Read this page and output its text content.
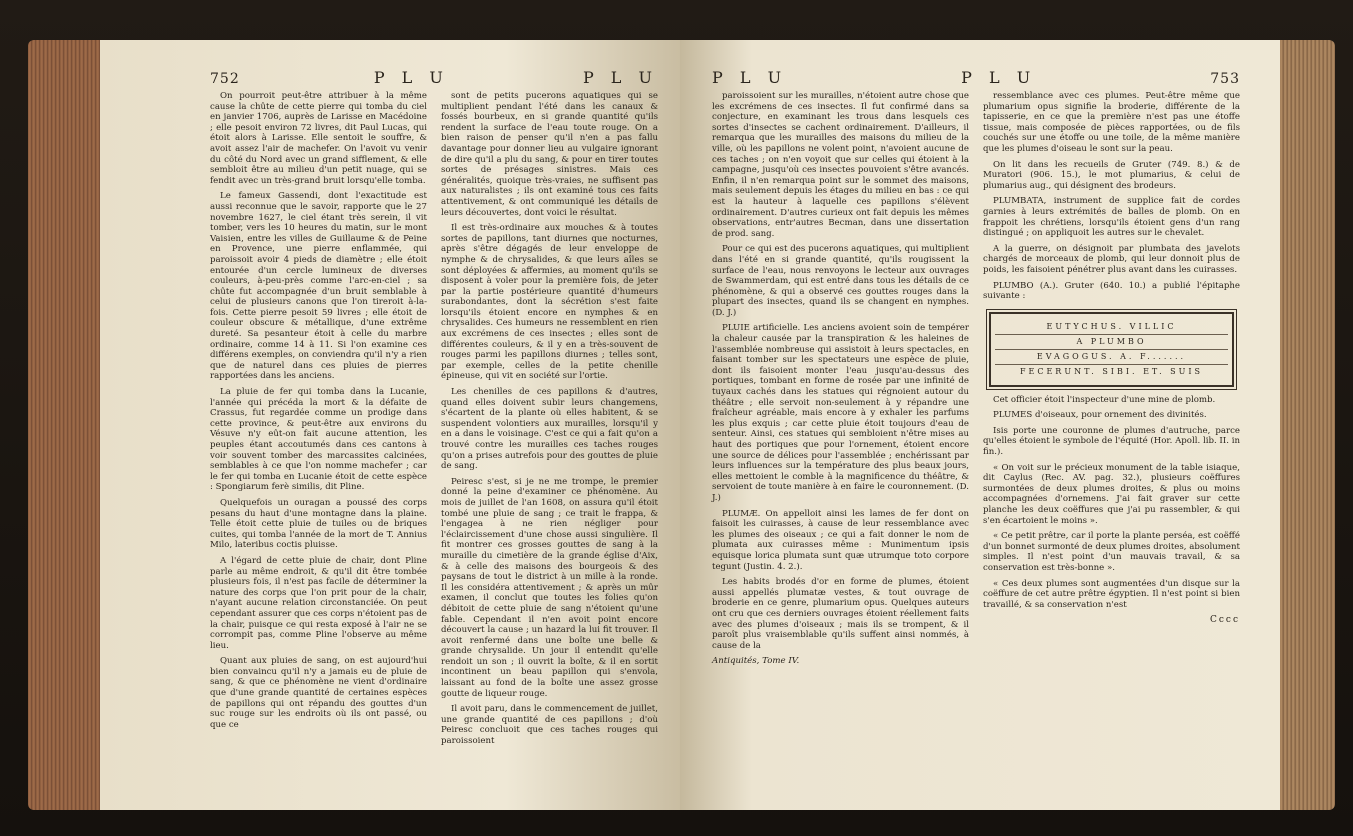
752	P L U	P L U

On pourroit peut-être attribuer à la même cause la chûte de cette pierre qui tomba du ciel en janvier 1706, auprès de Larisse en Macédoine ; elle pesoit environ 72 livres, dit Paul Lucas, qui étoit alors à Larisse. Elle sentoit le souffre, & avoit assez l'air de machefer. On l'avoit vu venir du côté du Nord avec un grand sifflement, & elle sembloit être au milieu d'un petit nuage, qui se fendit avec un très-grand bruit lorsqu'elle tomba.

Le fameux Gassendi, dont l'exactitude est aussi reconnue que le savoir, rapporte que le 27 novembre 1627, le ciel étant très serein, il vit tomber, vers les 10 heures du matin, sur le mont Vaisien, entre les villes de Guillaume & de Peine en Provence, une pierre enflammée, qui paroissoit avoir 4 pieds de diamètre ; elle étoit entourée d'un cercle lumineux de diverses couleurs, à-peu-près comme l'arc-en-ciel ; sa chûte fut accompagnée d'un bruit semblable à celui de plusieurs canons que l'on tireroit à-la-fois. Cette pierre pesoit 59 livres ; elle étoit de couleur obscure & métallique, d'une extrême dureté. Sa pesanteur étoit à celle du marbre ordinaire, comme 14 à 11. Si l'on examine ces différens exemples, on conviendra qu'il n'y a rien que de naturel dans ces pluies de pierres rapportées dans les anciens.

La pluie de fer qui tomba dans la Lucanie, l'année qui précéda la mort & la défaite de Crassus, fut regardée comme un prodige dans cette province, & peut-être aux environs du Vésuve n'y eût-on fait aucune attention, les peuples étant accoutumés dans ces cantons à voir souvent tomber des marcassites calcinées, semblables à ce que l'on nomme machefer ; car le fer qui tomba en Lucanie étoit de cette espèce : Spongiarum ferè similis, dit Pline.

Quelquefois un ouragan a poussé des corps pesans du haut d'une montagne dans la plaine. Telle étoit cette pluie de tuiles ou de briques cuites, qui tomba l'année de la mort de T. Annius Milo, lateribus coctis pluisse.

A l'égard de cette pluie de chair, dont Pline parle au même endroit, & qu'il dit être tombée plusieurs fois, il n'est pas facile de déterminer la nature des corps que l'on prit pour de la chair, n'ayant aucune relation circonstanciée. On peut cependant assurer que ces corps n'étoient pas de la chair, puisque ce qui resta exposé à l'air ne se corrompit pas, comme Pline l'observe au même lieu.

Quant aux pluies de sang, on est aujourd'hui bien convaincu qu'il n'y a jamais eu de pluie de sang, & que ce phénomène ne vient d'ordinaire que d'une grande quantité de certaines espèces de papillons qui ont répandu des gouttes d'un suc rouge sur les endroits où ils ont passé, ou que ce

sont de petits pucerons aquatiques qui se multiplient pendant l'été dans les canaux & fossés bourbeux, en si grande quantité qu'ils rendent la surface de l'eau toute rouge. On a bien raison de penser qu'il n'en a pas fallu davantage pour donner lieu au vulgaire ignorant de dire qu'il a plu du sang, & pour en tirer toutes sortes de présages sinistres. Mais ces généralités, quoique très-vraies, ne suffisent pas aux naturalistes ; ils ont examiné tous ces faits attentivement, & ont communiqué les détails de leurs découvertes, dont voici le résultat.

Il est très-ordinaire aux mouches & à toutes sortes de papillons, tant diurnes que nocturnes, après s'être dégagés de leur enveloppe de nymphe & de chrysalides, & que leurs aîles se sont déployées & affermies, au moment qu'ils se disposent à voler pour la première fois, de jeter par la partie postérieure quantité d'humeurs surabondantes, dont la sécrétion s'est faite lorsqu'ils étoient encore en nymphes & en chrysalides. Ces humeurs ne ressemblent en rien aux excrémens de ces insectes ; elles sont de différentes couleurs, & il y en a très-souvent de rouges parmi les papillons diurnes ; telles sont, par exemple, celles de la petite chenille épineuse, qui vit en société sur l'ortie.

Les chenilles de ces papillons & d'autres, quand elles doivent subir leurs changemens, s'écartent de la plante où elles habitent, & se suspendent volontiers aux murailles, lorsqu'il y en a dans le voisinage. C'est ce qui a fait qu'on a trouvé contre les murailles ces taches rouges qu'on a prises autrefois pour des gouttes de pluie de sang.

Peiresc s'est, si je ne me trompe, le premier donné la peine d'examiner ce phénomène. Au mois de juillet de l'an 1608, on assura qu'il étoit tombé une pluie de sang ; ce trait le frappa, & l'engagea à ne rien négliger pour l'éclaircissement d'une chose aussi singulière. Il fit montrer ces grosses gouttes de sang à la muraille du cimetière de la grande église d'Aix, & à celle des maisons des bourgeois & des paysans de tout le district à un mille à la ronde. Il les considéra attentivement ; & après un mûr examen, il conclut que toutes les folies qu'on débitoit de cette pluie de sang n'étoient qu'une fable. Cependant il n'en avoit point encore découvert la cause ; un hazard la lui fit trouver. Il avoit renfermé dans une boîte une belle & grande chrysalide. Un jour il entendit qu'elle rendoit un son ; il ouvrit la boîte, & il en sortit incontinent un beau papillon qui s'envola, laissant au fond de la boîte une assez grosse goutte de liqueur rouge.

Il avoit paru, dans le commencement de juillet, une grande quantité de ces papillons ; d'où Peiresc concluoit que ces taches rouges qui paroissoient

P L U	P L U	753

paroissoient sur les murailles, n'étoient autre chose que les excrémens de ces insectes. Il fut confirmé dans sa conjecture, en examinant les trous dans lesquels ces sortes d'insectes se cachent ordinairement. D'ailleurs, il remarqua que les murailles des maisons du milieu de la ville, où les papillons ne volent point, n'avoient aucune de ces taches ; on n'en voyoit que sur celles qui étoient à la campagne, jusqu'où ces insectes pouvoient s'être avancés. Enfin, il n'en remarqua point sur le sommet des maisons, mais seulement depuis les étages du milieu en bas : ce qui est la hauteur à laquelle ces papillons s'élèvent ordinairement. D'autres curieux ont fait depuis les mêmes observations, entr'autres Becman, dans une dissertation de prod. sang.

Pour ce qui est des pucerons aquatiques, qui multiplient dans l'été en si grande quantité, qu'ils rougissent la surface de l'eau, nous renvoyons le lecteur aux ouvrages de Swammerdam, qui est entré dans tous les détails de ce phénomène, & qui a observé ces gouttes rouges dans la plupart des insectes, quand ils se changent en nymphes. (D. J.)

PLUIE artificielle. Les anciens avoient soin de tempérer la chaleur causée par la transpiration & les haleines de l'assemblée nombreuse qui assistoit à leurs spectacles, en faisant tomber sur les spectateurs une espèce de pluie, dont ils faisoient monter l'eau jusqu'au-dessus des portiques, tombant en forme de rosée par une infinité de tuyaux cachés dans les statues qui régnoient autour du théâtre ; elle servoit non-seulement à y répandre une fraîcheur agréable, mais encore à y exhaler les parfums les plus exquis ; car cette pluie étoit toujours d'eau de senteur. Ainsi, ces statues qui sembloient n'être mises au haut des portiques que pour l'ornement, étoient encore une source de délices pour l'assemblée ; enchérissant par leurs influences sur la température des plus beaux jours, elles mettoient le comble à la magnificence du théâtre, & servoient de toute manière à en faire le couronnement. (D. J.)

PLUMÆ. On appelloit ainsi les lames de fer dont on faisoit les cuirasses, à cause de leur ressemblance avec les plumes des oiseaux ; ce qui a fait donner le nom de plumata aux cuirasses même : Munimentum ipsis equisque lorica plumata sunt quæ utrumque toto corpore tegunt (Justin. 4. 2.).

Les habits brodés d'or en forme de plumes, étoient aussi appellés plumatæ vestes, & tout ouvrage de broderie en ce genre, plumarium opus. Quelques auteurs ont cru que ces derniers ouvrages étoient réellement faits avec des plumes d'oiseaux ; mais ils se trompent, & il paroît plus vraisemblable qu'ils suffent ainsi nommés, à cause de la

Antiquités, Tome IV.

ressemblance avec ces plumes. Peut-être même que plumarium opus signifie la broderie, différente de la tapisserie, en ce que la première n'est pas une étoffe tissue, mais composée de pièces rapportées, ou de fils couchés sur une étoffe ou une toile, de la même manière que les plumes d'oiseau le sont sur la peau.

On lit dans les recueils de Gruter (749. 8.) & de Muratori (906. 15.), le mot plumarius, & celui de plumarius aug., qui désignent des brodeurs.

PLUMBATA, instrument de supplice fait de cordes garnies à leurs extrémités de balles de plomb. On en frappoit les chrétiens, lorsqu'ils étoient gens d'un rang distingué ; on appliquoit les autres sur le chevalet.

A la guerre, on désignoit par plumbata des javelots chargés de morceaux de plomb, qui leur donnoit plus de poids, les faisoient pénétrer plus avant dans les cuirasses.

PLUMBO (A.). Gruter (640. 10.) a publié l'épitaphe suivante :

EUTYCHUS. VILLIC
A PLUMBO
EVAGOGUS. A. F.......
FECERUNT. SIBI. ET. SUIS

Cet officier étoit l'inspecteur d'une mine de plomb.

PLUMES d'oiseaux, pour ornement des divinités.

Isis porte une couronne de plumes d'autruche, parce qu'elles étoient le symbole de l'équité (Hor. Apoll. lib. II. in fin.).

« On voit sur le précieux monument de la table isiaque, dit Caylus (Rec. AV. pag. 32.), plusieurs coëffures surmontées de deux plumes droites, & plus ou moins accompagnées d'ornemens. J'ai fait graver sur cette planche les deux coëffures que j'ai pu rassembler, & qui s'en écartoient le moins ».

« Ce petit prêtre, car il porte la plante perséa, est coëffé d'un bonnet surmonté de deux plumes droites, absolument simples. Il n'est point d'un mauvais travail, & sa conservation est très-bonne ».

« Ces deux plumes sont augmentées d'un disque sur la coëffure de cet autre prêtre égyptien. Il n'est point si bien travaillé, & sa conservation n'est

Cccc
